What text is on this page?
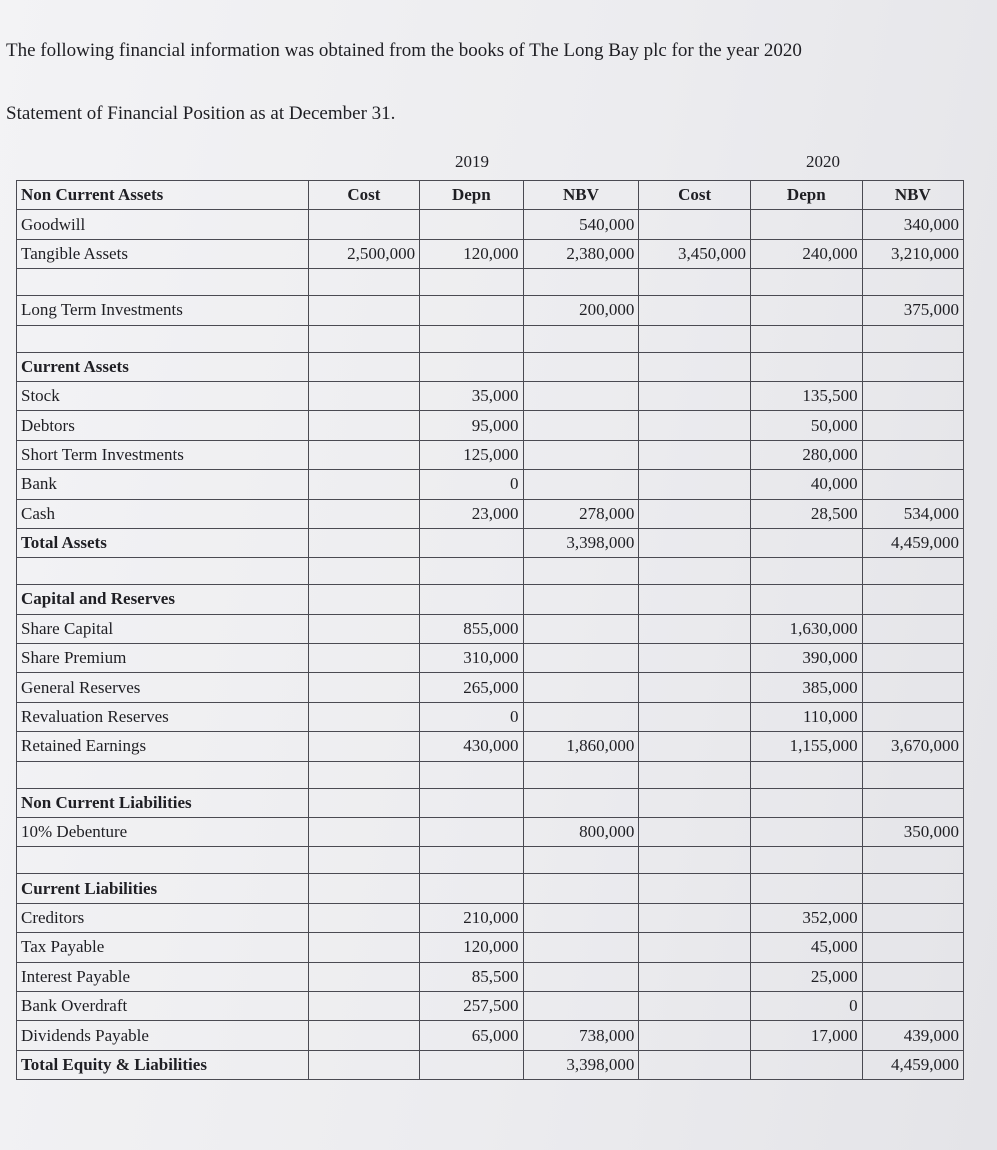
The following financial information was obtained from the books of The Long Bay plc for the year 2020
Statement of Financial Position as at December 31.
2019	2020
Non Current Assets	Cost	Depn	NBV	Cost	Depn	NBV
Goodwill			540,000			340,000
Tangible Assets	2,500,000	120,000	2,380,000	3,450,000	240,000	3,210,000

Long Term Investments			200,000			375,000

Current Assets						
Stock		35,000			135,500	
Debtors		95,000			50,000	
Short Term Investments		125,000			280,000	
Bank		0			40,000	
Cash		23,000	278,000		28,500	534,000
Total Assets			3,398,000			4,459,000

Capital and Reserves						
Share Capital		855,000			1,630,000	
Share Premium		310,000			390,000	
General Reserves		265,000			385,000	
Revaluation Reserves		0			110,000	
Retained Earnings		430,000	1,860,000		1,155,000	3,670,000

Non Current Liabilities						
10% Debenture			800,000			350,000

Current Liabilities						
Creditors		210,000			352,000	
Tax Payable		120,000			45,000	
Interest Payable		85,500			25,000	
Bank Overdraft		257,500			0	
Dividends Payable		65,000	738,000		17,000	439,000
Total Equity & Liabilities			3,398,000			4,459,000
